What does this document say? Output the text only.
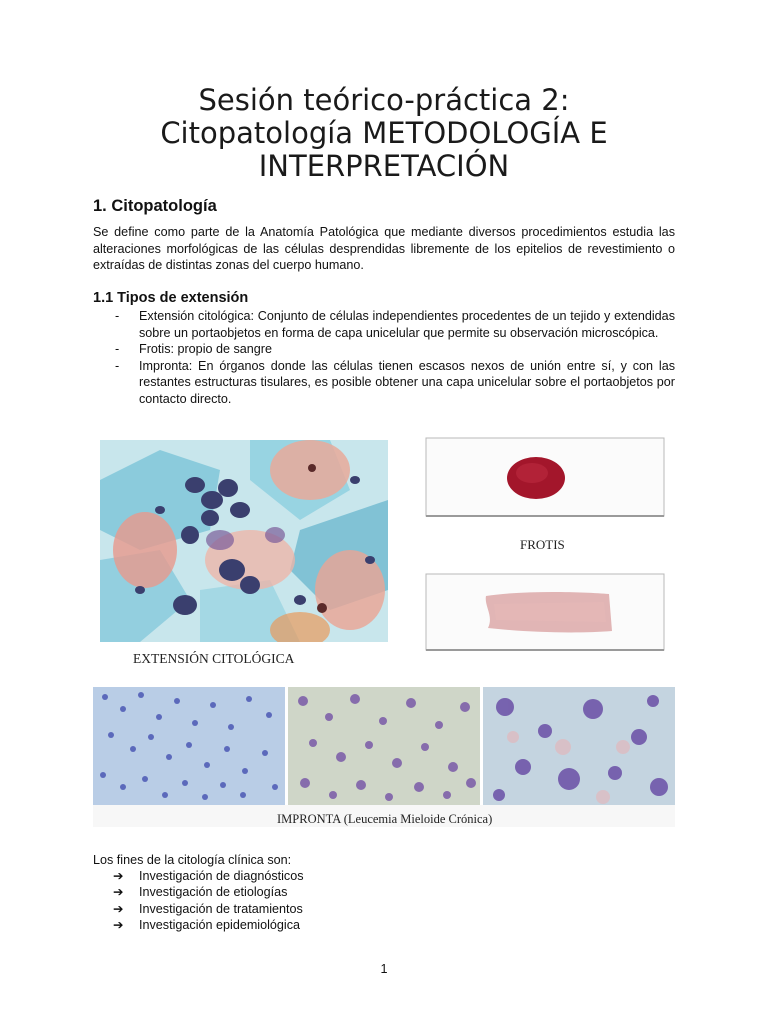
Sesión teórico-práctica 2:
Citopatología METODOLOGÍA E
INTERPRETACIÓN
1. Citopatología
Se define como parte de la Anatomía Patológica que mediante diversos procedimientos estudia las alteraciones morfológicas de las células desprendidas libremente de los epitelios de revestimiento o extraídas de distintas zonas del cuerpo humano.
1.1 Tipos de extensión
- Extensión citológica: Conjunto de células independientes procedentes de un tejido y extendidas sobre un portaobjetos en forma de capa unicelular que permite su observación microscópica.
- Frotis: propio de sangre
- Impronta: En órganos donde las células tienen escasos nexos de unión entre sí, y con las restantes estructuras tisulares, es posible obtener una capa unicelular sobre el portaobjetos por contacto directo.
EXTENSIÓN CITOLÓGICA
FROTIS
IMPRONTA (Leucemia Mieloide Crónica)
Los fines de la citología clínica son:
➔ Investigación de diagnósticos
➔ Investigación de etiologías
➔ Investigación de tratamientos
➔ Investigación epidemiológica
1
